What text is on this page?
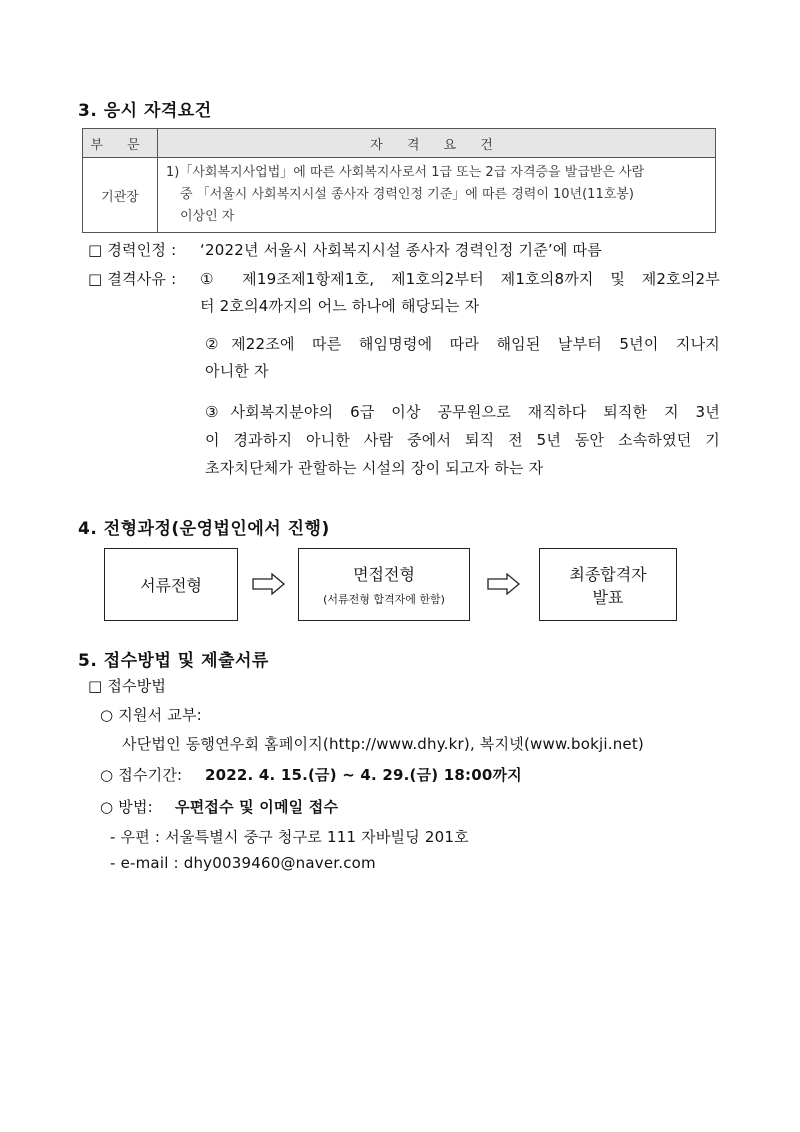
3. 응시 자격요건
부 문	자 격 요 건
기관장	1)「사회복지사업법」에 따른 사회복지사로서 1급 또는 2급 자격증을 발급받은 사람
중 「서울시 사회복지시설 종사자 경력인정 기준」에 따른 경력이 10년(11호봉)
이상인 자
□ 경력인정 : ‘2022년 서울시 사회복지시설 종사자 경력인정 기준’에 따름
□ 결격사유 : ① 제19조제1항제1호, 제1호의2부터 제1호의8까지 및 제2호의2부
터 2호의4까지의 어느 하나에 해당되는 자
②제22조에 따른 해임명령에 따라 해임된 날부터 5년이 지나지
아니한 자
③사회복지분야의 6급 이상 공무원으로 재직하다 퇴직한 지 3년
이 경과하지 아니한 사람 중에서 퇴직 전 5년 동안 소속하였던 기
초자치단체가 관할하는 시설의 장이 되고자 하는 자
4. 전형과정(운영법인에서 진행)
서류전형
면접전형
(서류전형 합격자에 한함)
최종합격자
발표
5. 접수방법 및 제출서류
□ 접수방법
○ 지원서 교부:
사단법인 동행연우회 홈페이지(http://www.dhy.kr), 복지넷(www.bokji.net)
○ 접수기간: 2022. 4. 15.(금) ~ 4. 29.(금) 18:00까지
○ 방법: 우편접수 및 이메일 접수
- 우편 : 서울특별시 중구 청구로 111 자바빌딩 201호
- e-mail : dhy0039460@naver.com
